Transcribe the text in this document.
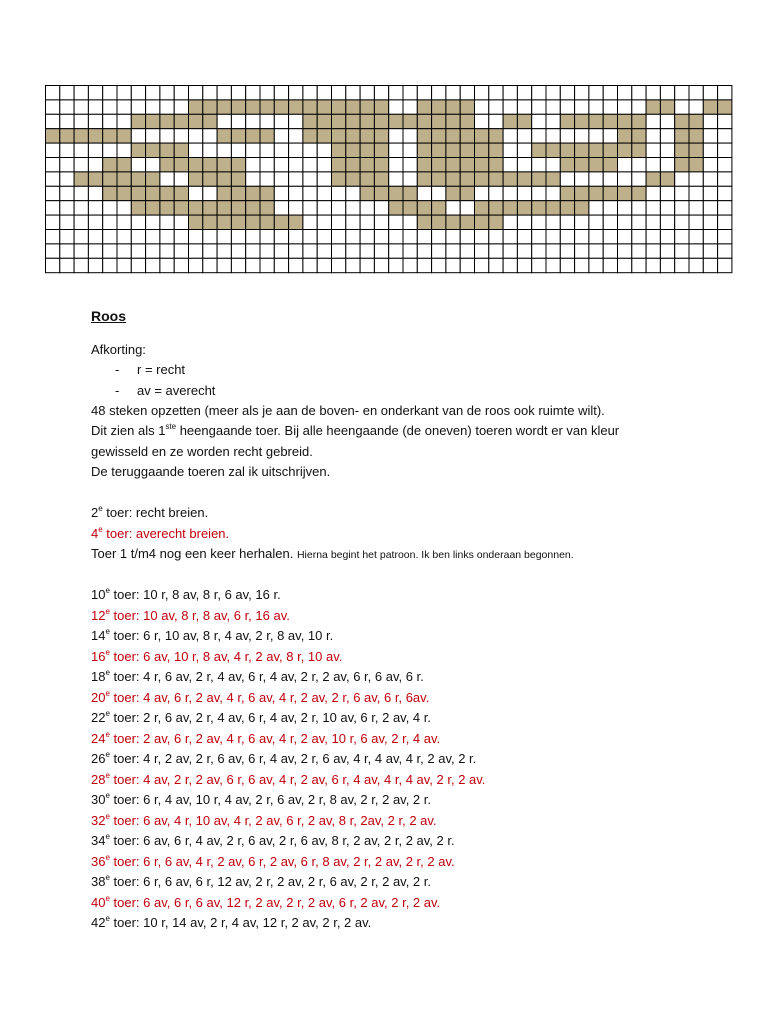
Roos
Afkorting:
- r = recht
- av = averecht
48 steken opzetten (meer als je aan de boven- en onderkant van de roos ook ruimte wilt).
Dit zien als 1ste heengaande toer. Bij alle heengaande (de oneven) toeren wordt er van kleur
gewisseld en ze worden recht gebreid.
De teruggaande toeren zal ik uitschrijven.
2e toer: recht breien.
4e toer: averecht breien.
Toer 1 t/m4 nog een keer herhalen. Hierna begint het patroon. Ik ben links onderaan begonnen.
10e toer: 10 r, 8 av, 8 r, 6 av, 16 r.
12e toer: 10 av, 8 r, 8 av, 6 r, 16 av.
14e toer: 6 r, 10 av, 8 r, 4 av, 2 r, 8 av, 10 r.
16e toer: 6 av, 10 r, 8 av, 4 r, 2 av, 8 r, 10 av.
18e toer: 4 r, 6 av, 2 r, 4 av, 6 r, 4 av, 2 r, 2 av, 6 r, 6 av, 6 r.
20e toer: 4 av, 6 r, 2 av, 4 r, 6 av, 4 r, 2 av, 2 r, 6 av, 6 r, 6av.
22e toer: 2 r, 6 av, 2 r, 4 av, 6 r, 4 av, 2 r, 10 av, 6 r, 2 av, 4 r.
24e toer: 2 av, 6 r, 2 av, 4 r, 6 av, 4 r, 2 av, 10 r, 6 av, 2 r, 4 av.
26e toer: 4 r, 2 av, 2 r, 6 av, 6 r, 4 av, 2 r, 6 av, 4 r, 4 av, 4 r, 2 av, 2 r.
28e toer: 4 av, 2 r, 2 av, 6 r, 6 av, 4 r, 2 av, 6 r, 4 av, 4 r, 4 av, 2 r, 2 av.
30e toer: 6 r, 4 av, 10 r, 4 av, 2 r, 6 av, 2 r, 8 av, 2 r, 2 av, 2 r.
32e toer: 6 av, 4 r, 10 av, 4 r, 2 av, 6 r, 2 av, 8 r, 2av, 2 r, 2 av.
34e toer: 6 av, 6 r, 4 av, 2 r, 6 av, 2 r, 6 av, 8 r, 2 av, 2 r, 2 av, 2 r.
36e toer: 6 r, 6 av, 4 r, 2 av, 6 r, 2 av, 6 r, 8 av, 2 r, 2 av, 2 r, 2 av.
38e toer: 6 r, 6 av, 6 r, 12 av, 2 r, 2 av, 2 r, 6 av, 2 r, 2 av, 2 r.
40e toer: 6 av, 6 r, 6 av, 12 r, 2 av, 2 r, 2 av, 6 r, 2 av, 2 r, 2 av.
42e toer: 10 r, 14 av, 2 r, 4 av, 12 r, 2 av, 2 r, 2 av.
